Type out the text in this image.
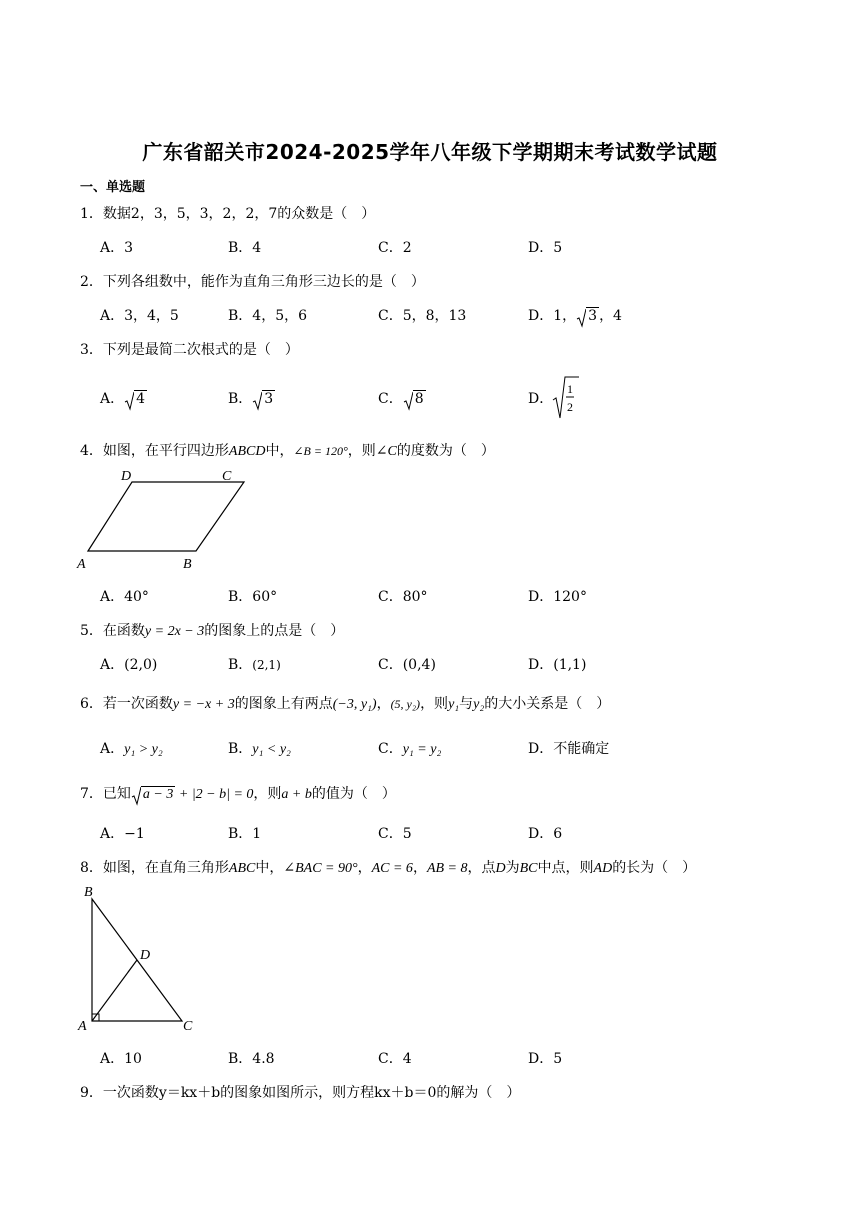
广东省韶关市2024-2025学年八年级下学期期末考试数学试题
一、单选题
1．数据2，3，5，3，2，2，7的众数是（　）
A．3	B．4	C．2	D．5
2．下列各组数中，能作为直角三角形三边长的是（　）
A．3，4，5	B．4，5，6	C．5，8，13	D．1， 3 ，4
3．下列是最简二次根式的是（　）
A． 4	B． 3	C． 8	D．
1
2
4．如图，在平行四边形ABCD中，∠B = 120°，则∠C的度数为（　）
A	B
C
D
A．40°	B．60°	C．80°	D．120°
5．在函数y = 2x − 3的图象上的点是（　）
A．(2,0)	B．(2,1)	C．(0,4)	D．(1,1)
6．若一次函数y = −x + 3的图象上有两点(−3, y₁)，(5, y₂)，则y₁与y₂的大小关系是（　）
A．y₁ > y₂	B．y₁ < y₂	C．y₁ = y₂	D．不能确定
7．已知 a − 3 + |2 − b| = 0，则a + b的值为（　）
A．−1	B．1	C．5	D．6
8．如图，在直角三角形ABC中，∠BAC = 90°，AC = 6，AB = 8，点D为BC中点，则AD的长为（　）
B
A	C
D
A．10	B．4.8	C．4	D．5
9．一次函数y＝kx＋b的图象如图所示，则方程kx＋b＝0的解为（　）
